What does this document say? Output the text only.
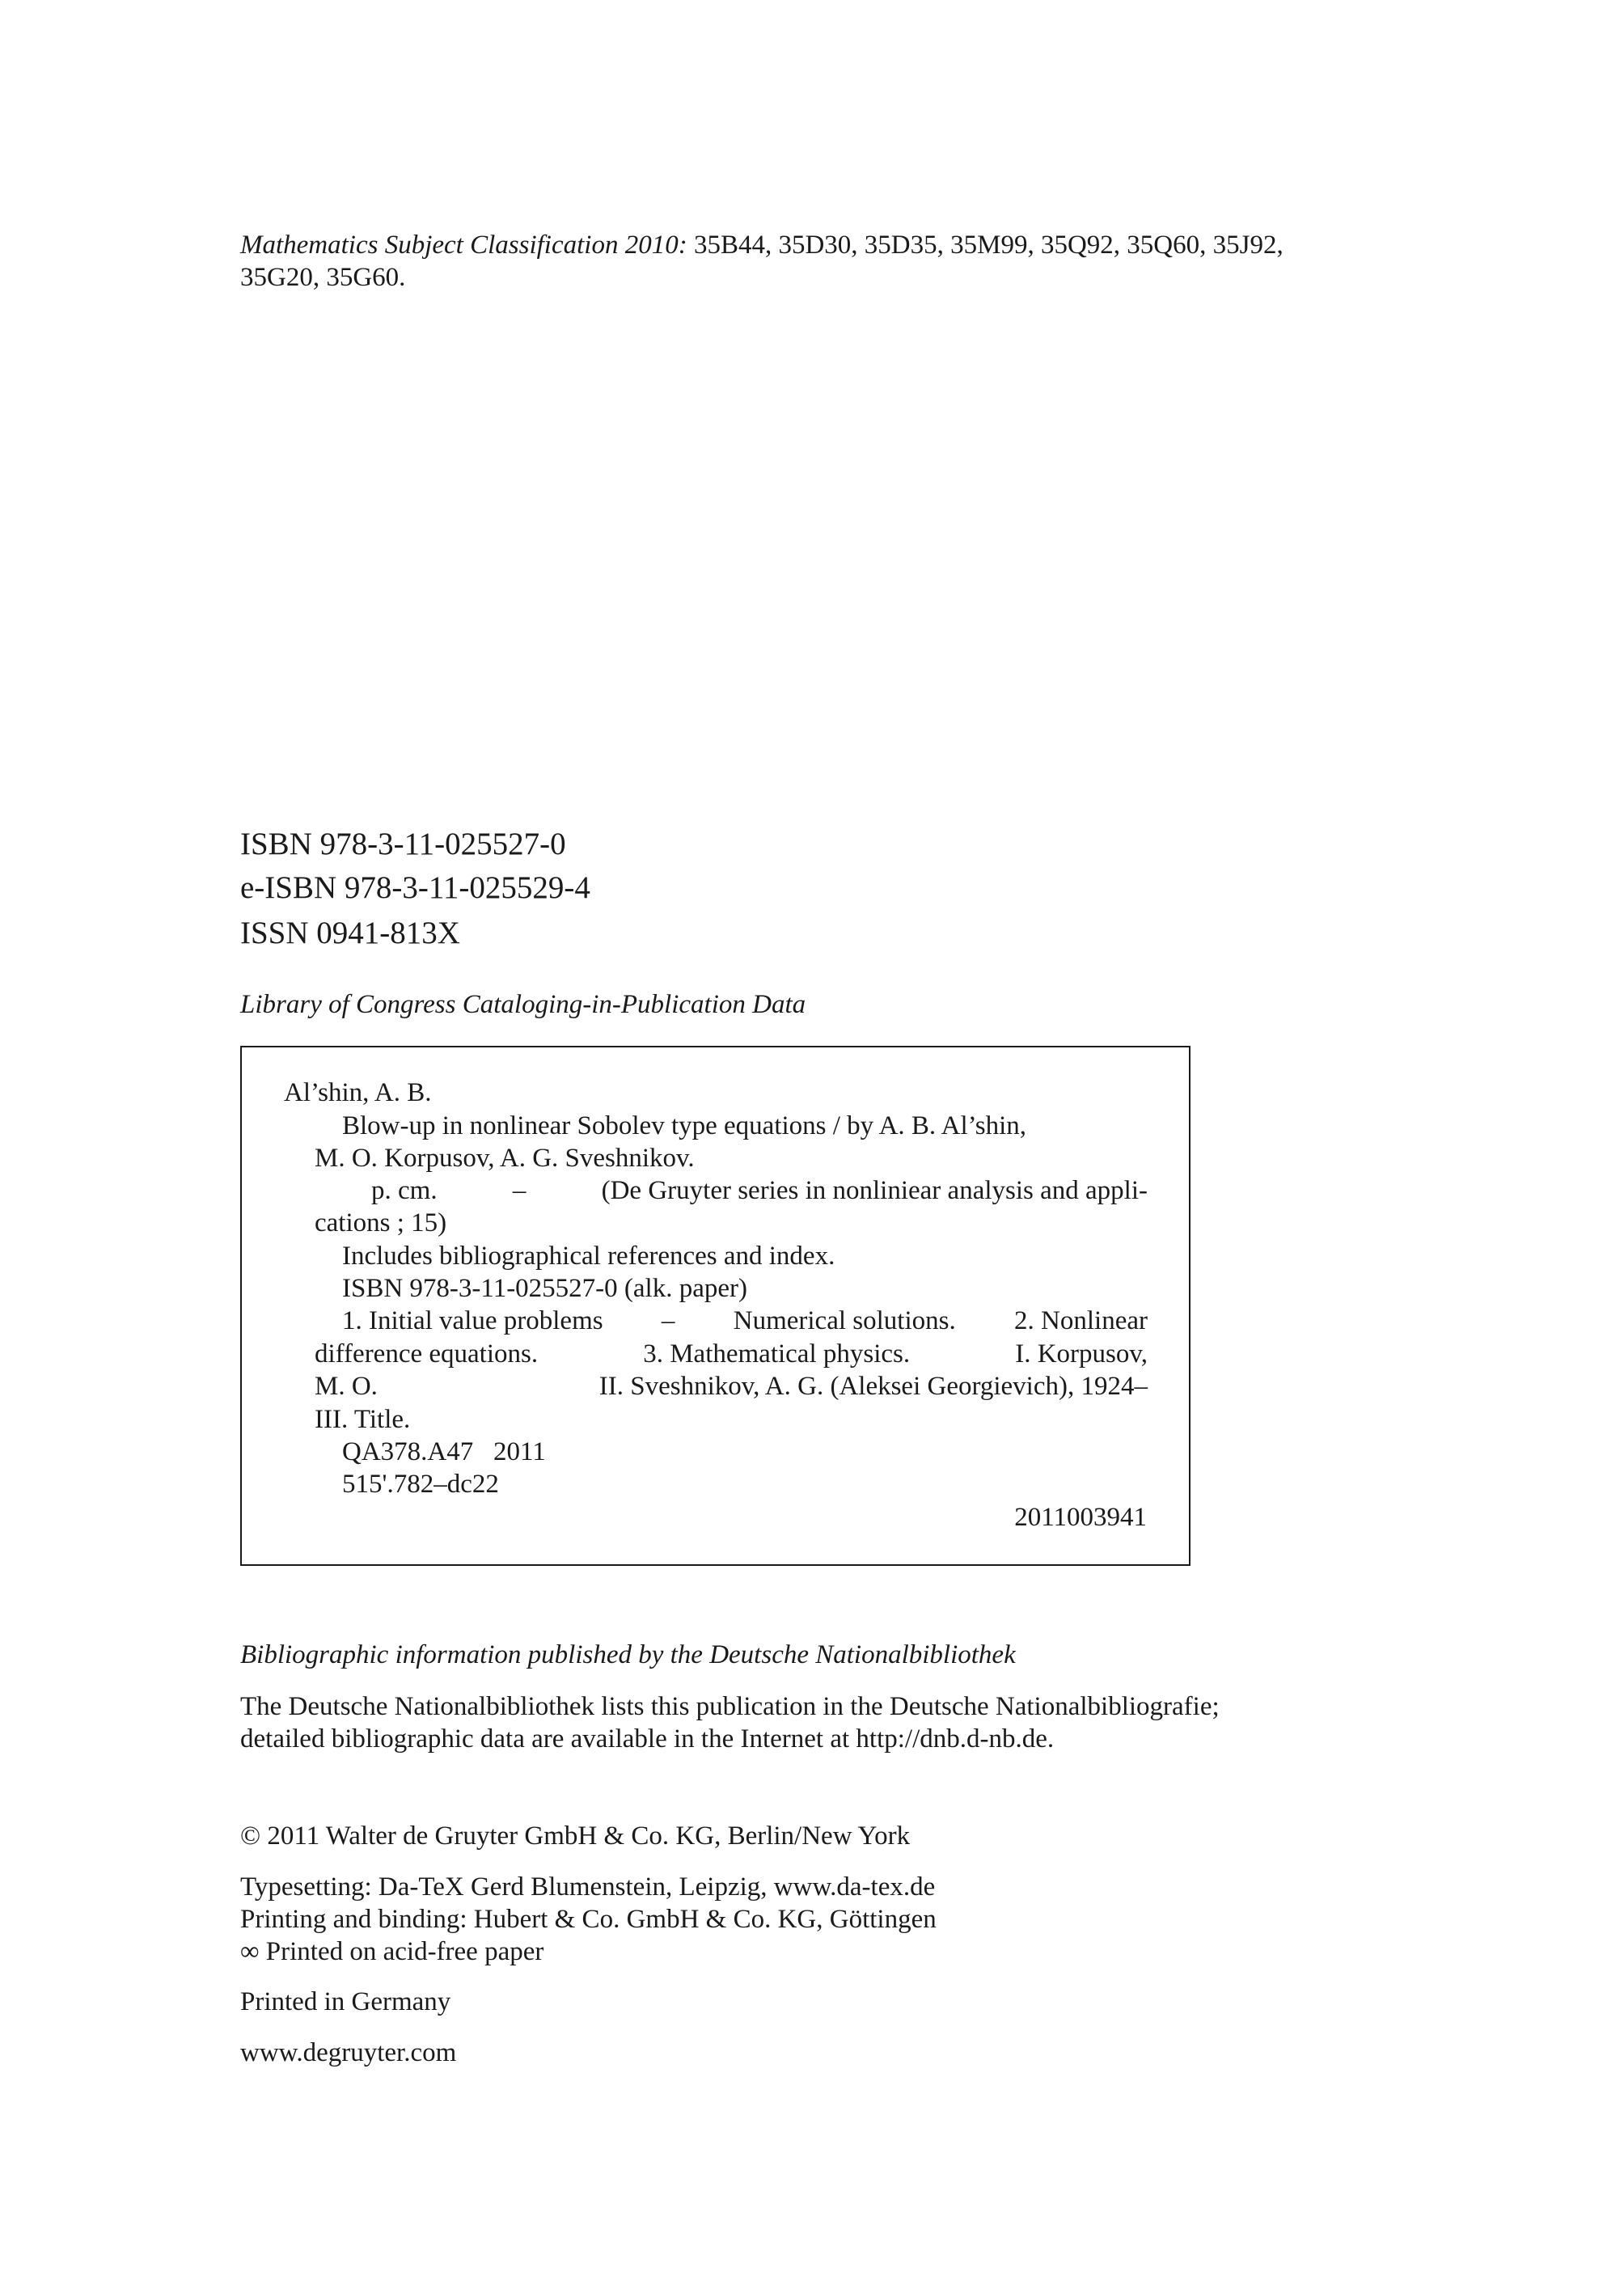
Mathematics Subject Classification 2010: 35B44, 35D30, 35D35, 35M99, 35Q92, 35Q60, 35J92,
35G20, 35G60.
ISBN 978-3-11-025527-0
e-ISBN 978-3-11-025529-4
ISSN 0941-813X
Library of Congress Cataloging-in-Publication Data
Al’shin, A. B.
Blow-up in nonlinear Sobolev type equations / by A. B. Al’shin,
M. O. Korpusov, A. G. Sveshnikov.
p. cm.	–	(De Gruyter series in nonliniear analysis and appli-
cations ; 15)
Includes bibliographical references and index.
ISBN 978-3-11-025527-0 (alk. paper)
1. Initial value problems – Numerical solutions. 2. Nonlinear
difference equations.	3. Mathematical physics.	I. Korpusov,
M. O.	II. Sveshnikov, A. G. (Aleksei Georgievich), 1924–
III. Title.
QA378.A47   2011
515'.782–dc22
2011003941
Bibliographic information published by the Deutsche Nationalbibliothek
The Deutsche Nationalbibliothek lists this publication in the Deutsche Nationalbibliografie;
detailed bibliographic data are available in the Internet at http://dnb.d-nb.de.
© 2011 Walter de Gruyter GmbH & Co. KG, Berlin/New York
Typesetting: Da-TeX Gerd Blumenstein, Leipzig, www.da-tex.de
Printing and binding: Hubert & Co. GmbH & Co. KG, Göttingen
∞ Printed on acid-free paper
Printed in Germany
www.degruyter.com
